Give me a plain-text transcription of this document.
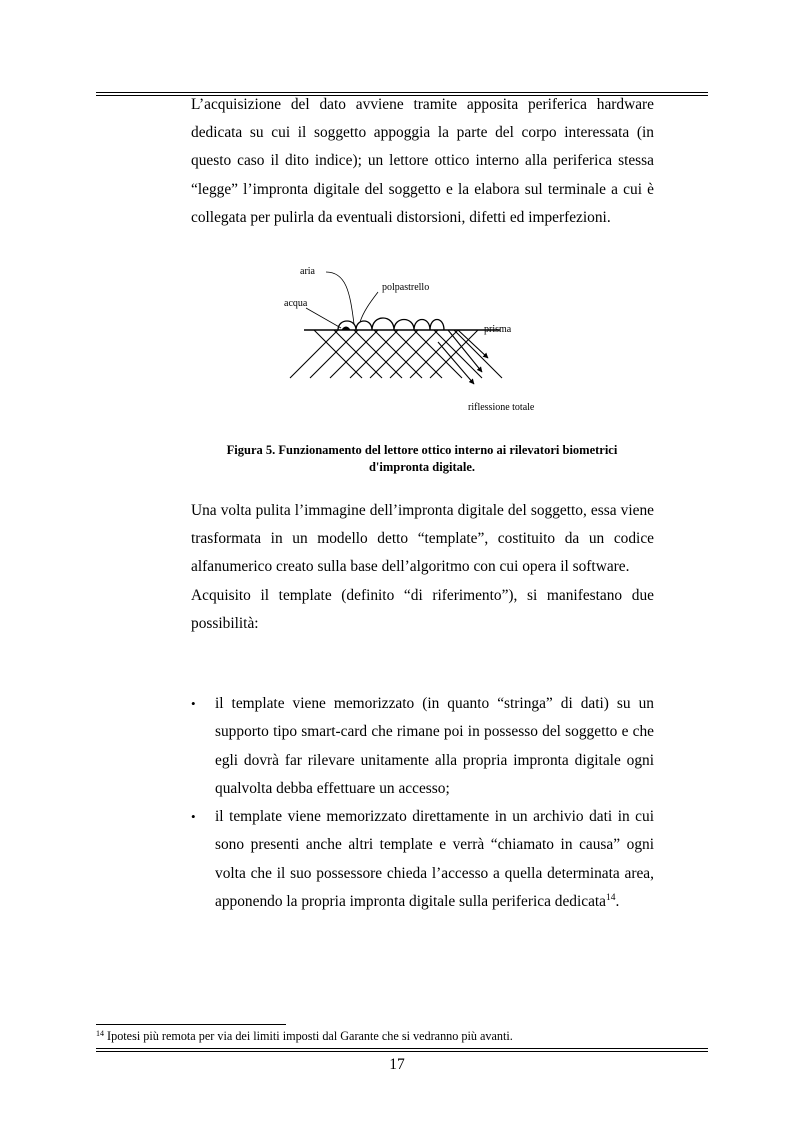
L’acquisizione del dato avviene tramite apposita periferica hardware dedicata su cui il soggetto appoggia la parte del corpo interessata (in questo caso il dito indice); un lettore ottico interno alla periferica stessa “legge” l’impronta digitale del soggetto e la elabora sul terminale a cui è collegata per pulirla da eventuali distorsioni, difetti ed imperfezioni.

aria
polpastrello
acqua
prisma
riflessione totale

Figura 5. Funzionamento del lettore ottico interno ai rilevatori biometrici
d'impronta digitale.

Una volta pulita l’immagine dell’impronta digitale del soggetto, essa viene trasformata in un modello detto “template”, costituito da un codice alfanumerico creato sulla base dell’algoritmo con cui opera il software.
Acquisito il template (definito “di riferimento”), si manifestano due possibilità:

• il template viene memorizzato (in quanto “stringa” di dati) su un supporto tipo smart-card che rimane poi in possesso del soggetto e che egli dovrà far rilevare unitamente alla propria impronta digitale ogni qualvolta debba effettuare un accesso;
• il template viene memorizzato direttamente in un archivio dati in cui sono presenti anche altri template e verrà “chiamato in causa” ogni volta che il suo possessore chieda l’accesso a quella determinata area, apponendo la propria impronta digitale sulla periferica dedicata$^{14}$.

$^{14}$ Ipotesi più remota per via dei limiti imposti dal Garante che si vedranno più avanti.

17
